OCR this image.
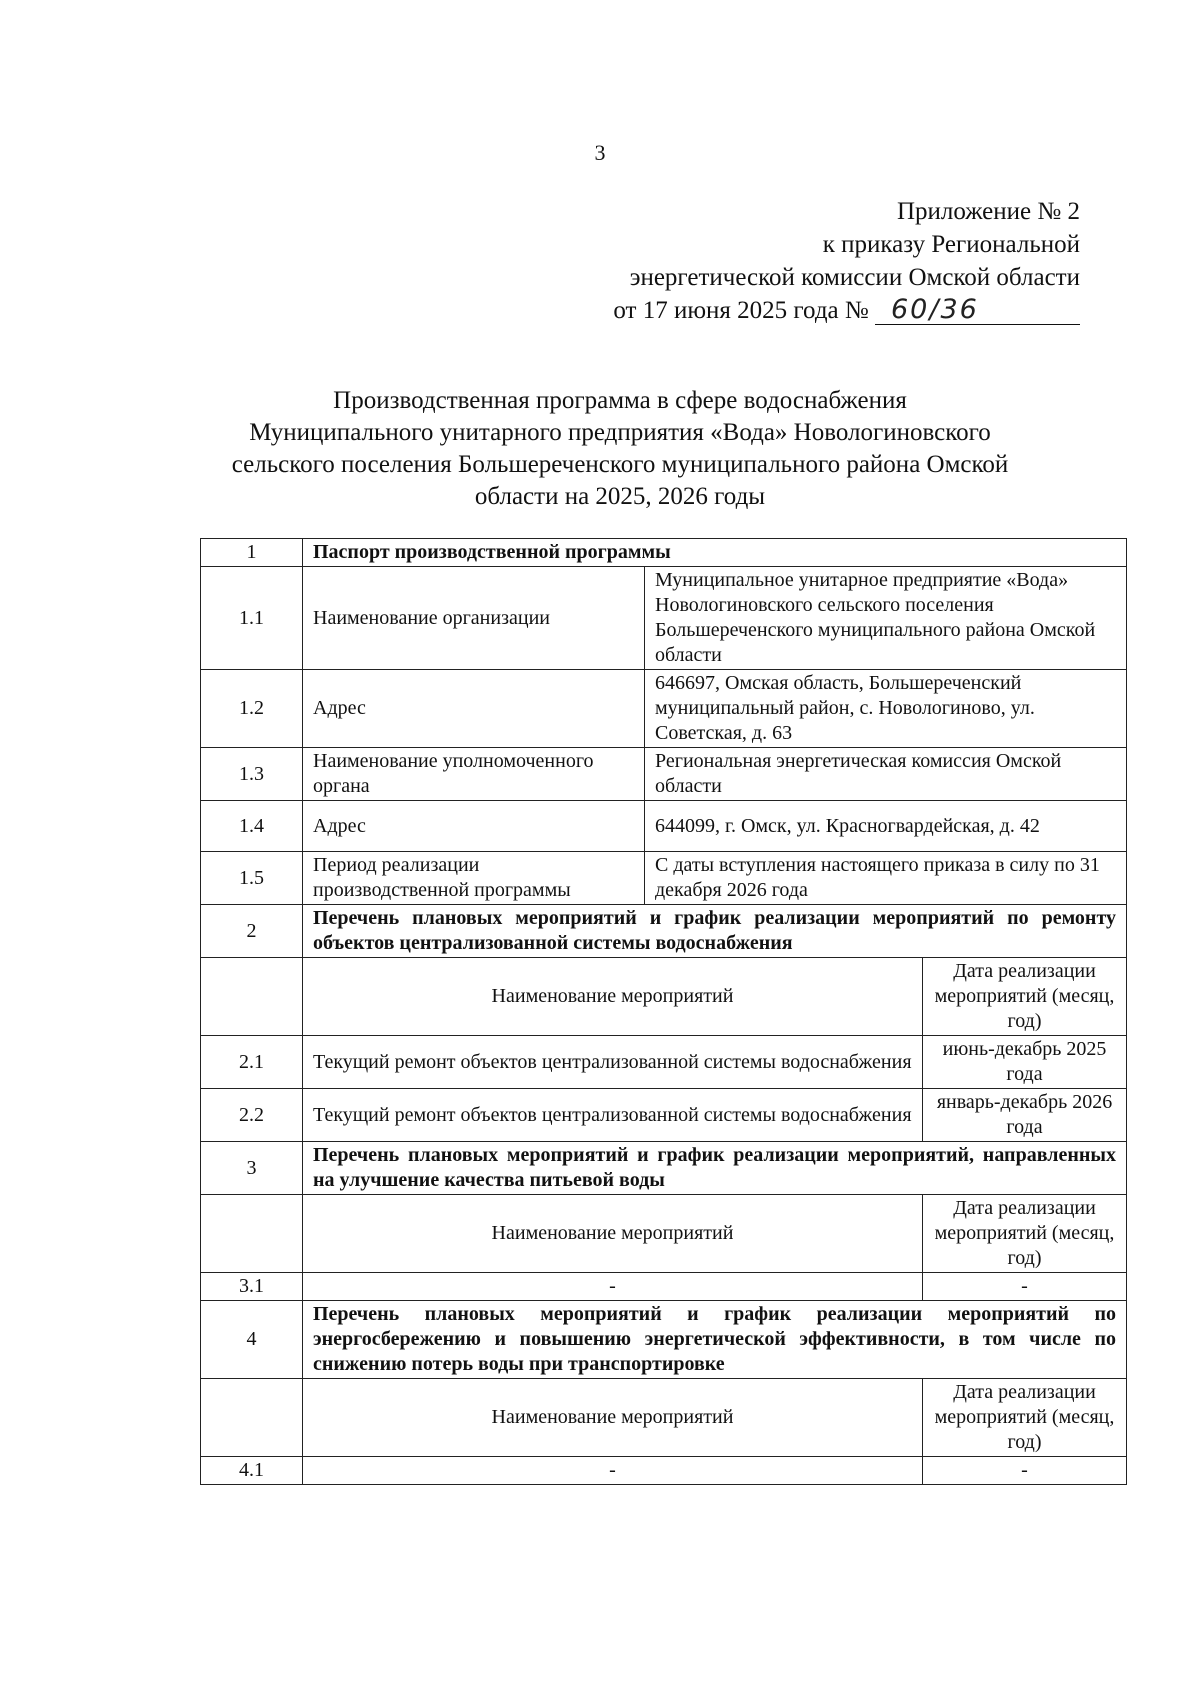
3
Приложение № 2
к приказу Региональной
энергетической комиссии Омской области
от 17 июня 2025 года № 60/36
Производственная программа в сфере водоснабжения
Муниципального унитарного предприятия «Вода» Новологиновского
сельского поселения Большереченского муниципального района Омской
области на 2025, 2026 годы
1	Паспорт производственной программы		
1.1	Наименование организации	Муниципальное унитарное предприятие «Вода» Новологиновского сельского поселения Большереченского муниципального района Омской области	
1.2	Адрес	646697, Омская область, Большереченский муниципальный район, с. Новологиново, ул. Советская, д. 63	
1.3	Наименование уполномоченного органа	Региональная энергетическая комиссия Омской области	
1.4	Адрес	644099, г. Омск, ул. Красногвардейская, д. 42	
1.5	Период реализации производственной программы	С даты вступления настоящего приказа в силу по 31 декабря 2026 года	
2	Перечень плановых мероприятий и график реализации мероприятий по ремонту объектов централизованной системы водоснабжения		
	Наименование мероприятий		Дата реализации мероприятий (месяц, год)
2.1	Текущий ремонт объектов централизованной системы водоснабжения		июнь-декабрь 2025 года
2.2	Текущий ремонт объектов централизованной системы водоснабжения		январь-декабрь 2026 года
3	Перечень плановых мероприятий и график реализации мероприятий, направленных на улучшение качества питьевой воды		
	Наименование мероприятий		Дата реализации мероприятий (месяц, год)
3.1	-		-
4	Перечень плановых мероприятий и график реализации мероприятий по энергосбережению и повышению энергетической эффективности, в том числе по снижению потерь воды при транспортировке		
	Наименование мероприятий		Дата реализации мероприятий (месяц, год)
4.1	-		-
